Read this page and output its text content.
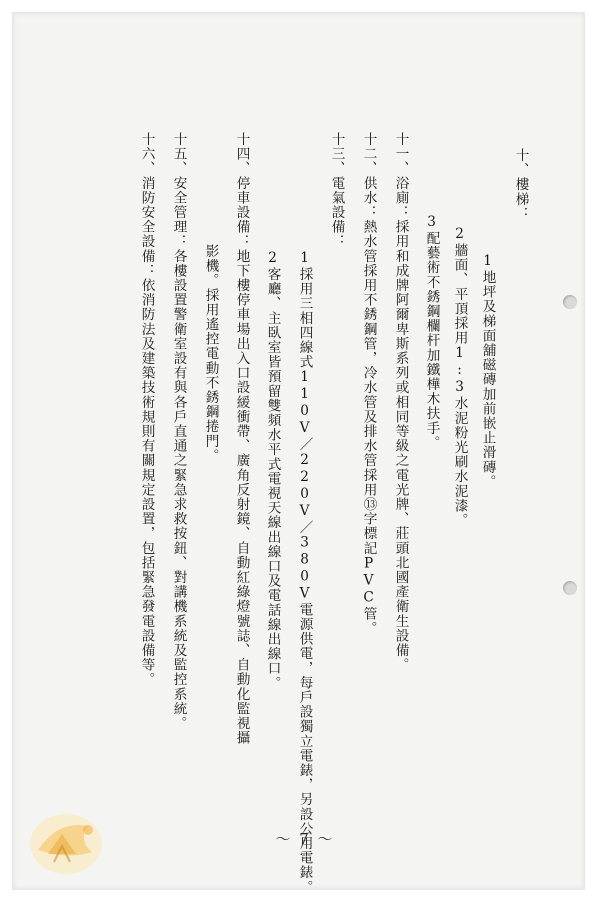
十、樓梯：
1地坪及梯面舖磁磚加前嵌止滑磚。
2牆面、平頂採用1:3水泥粉光刷水泥漆。
3配藝術不銹鋼欄杆加鐵樺木扶手。
十一、浴廁：採用和成牌阿爾卑斯系列或相同等級之電光牌、莊頭北國產衛生設備。
十二、供水：熱水管採用不銹鋼管，冷水管及排水管採用⑬字標記PVC管。
十三、電氣設備：
1採用三相四線式110V／220V／380V電源供電，每戶設獨立電錶，另設公用電錶。
2客廳、主臥室皆預留雙頻水平式電視天線出線口及電話線出線口。
十四、停車設備：地下樓停車場出入口設緩衝帶、廣角反射鏡、自動紅綠燈號誌、自動化監視攝
影機。採用遙控電動不銹鋼捲門。
十五、安全管理：各樓設置警衛室設有與各戶直通之緊急求救按鈕、對講機系統及監控系統。
十六、消防安全設備：依消防法及建築技術規則有關規定設置，包括緊急發電設備等。
～ 7 ～
